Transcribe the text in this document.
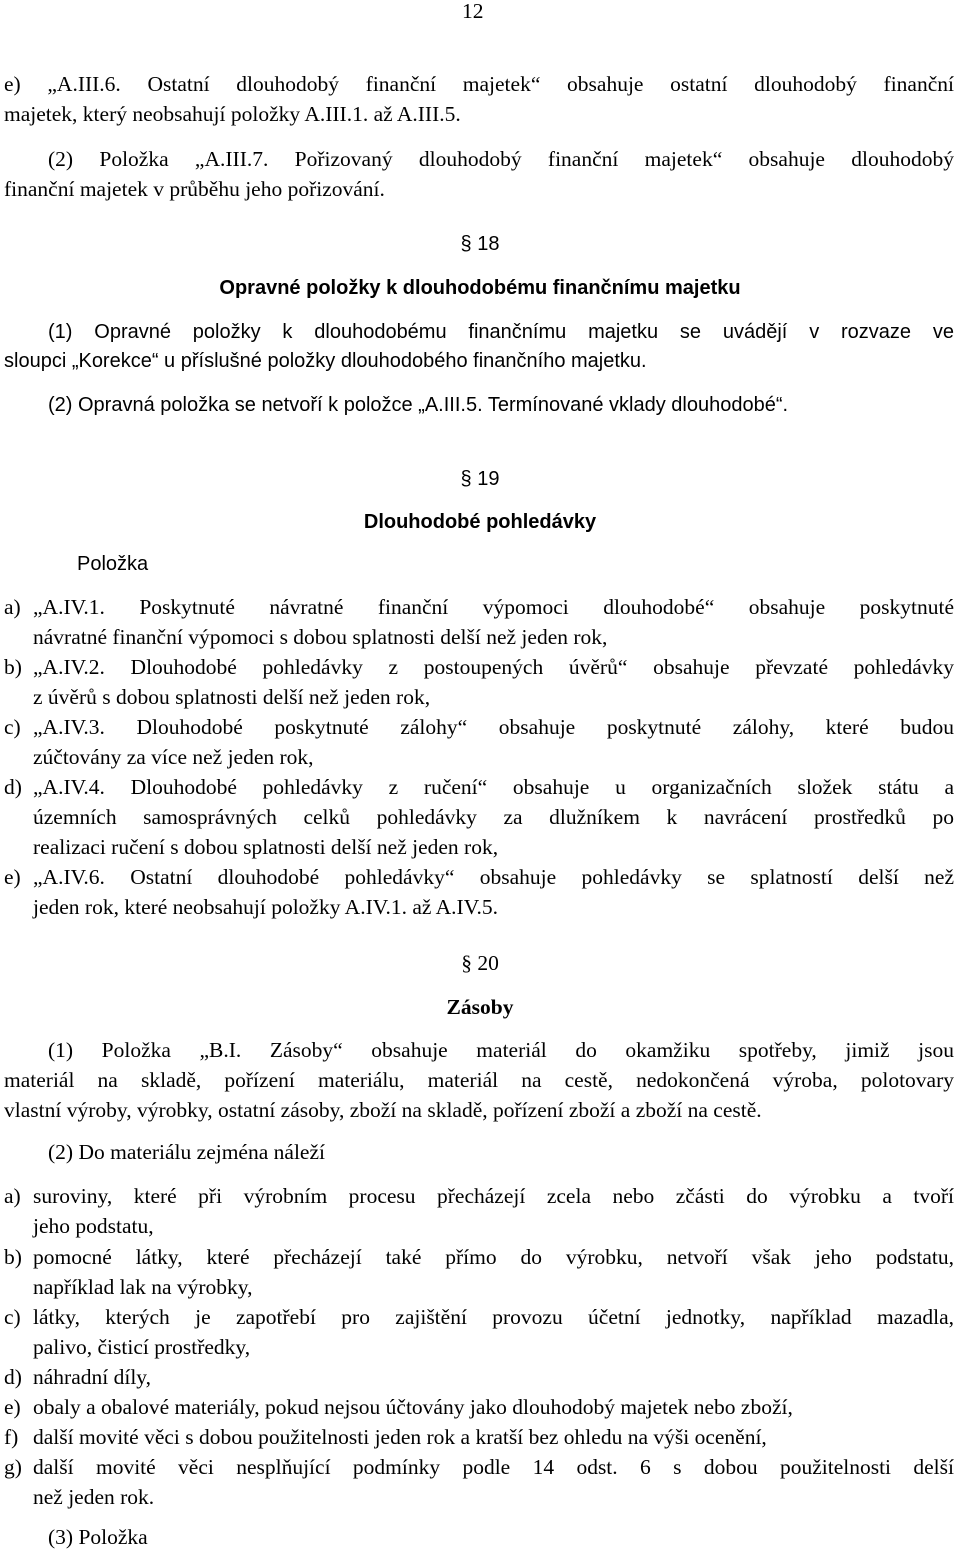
12
e) „A.III.6. Ostatní dlouhodobý finanční majetek“ obsahuje ostatní dlouhodobý finanční
majetek, který neobsahují položky A.III.1. až A.III.5.
(2) Položka „A.III.7. Pořizovaný dlouhodobý finanční majetek“ obsahuje dlouhodobý
finanční majetek v průběhu jeho pořizování.
§ 18
Opravné položky k dlouhodobému finančnímu majetku
(1) Opravné položky k dlouhodobému finančnímu majetku se uvádějí v rozvaze ve
sloupci „Korekce“ u příslušné položky dlouhodobého finančního majetku.
(2) Opravná položka se netvoří k položce „A.III.5. Termínované vklady dlouhodobé“.
§ 19
Dlouhodobé pohledávky
Položka
a) „A.IV.1. Poskytnuté návratné finanční výpomoci dlouhodobé“ obsahuje poskytnuté
návratné finanční výpomoci s dobou splatnosti delší než jeden rok,
b) „A.IV.2. Dlouhodobé pohledávky z postoupených úvěrů“ obsahuje převzaté pohledávky
z úvěrů s dobou splatnosti delší než jeden rok,
c) „A.IV.3. Dlouhodobé poskytnuté zálohy“ obsahuje poskytnuté zálohy, které budou
zúčtovány za více než jeden rok,
d) „A.IV.4. Dlouhodobé pohledávky z ručení“ obsahuje u organizačních složek státu a
územních samosprávných celků pohledávky za dlužníkem k navrácení prostředků po
realizaci ručení s dobou splatnosti delší než jeden rok,
e) „A.IV.6. Ostatní dlouhodobé pohledávky“ obsahuje pohledávky se splatností delší než
jeden rok, které neobsahují položky A.IV.1. až A.IV.5.
§ 20
Zásoby
(1) Položka „B.I. Zásoby“ obsahuje materiál do okamžiku spotřeby, jimiž jsou
materiál na skladě, pořízení materiálu, materiál na cestě, nedokončená výroba, polotovary
vlastní výroby, výrobky, ostatní zásoby, zboží na skladě, pořízení zboží a zboží na cestě.
(2) Do materiálu zejména náleží
a) suroviny, které při výrobním procesu přecházejí zcela nebo zčásti do výrobku a tvoří
jeho podstatu,
b) pomocné látky, které přecházejí také přímo do výrobku, netvoří však jeho podstatu,
například lak na výrobky,
c) látky, kterých je zapotřebí pro zajištění provozu účetní jednotky, například mazadla,
palivo, čisticí prostředky,
d) náhradní díly,
e) obaly a obalové materiály, pokud nejsou účtovány jako dlouhodobý majetek nebo zboží,
f) další movité věci s dobou použitelnosti jeden rok a kratší bez ohledu na výši ocenění,
g) další movité věci nesplňující podmínky podle 14 odst. 6 s dobou použitelnosti delší
než jeden rok.
(3) Položka
